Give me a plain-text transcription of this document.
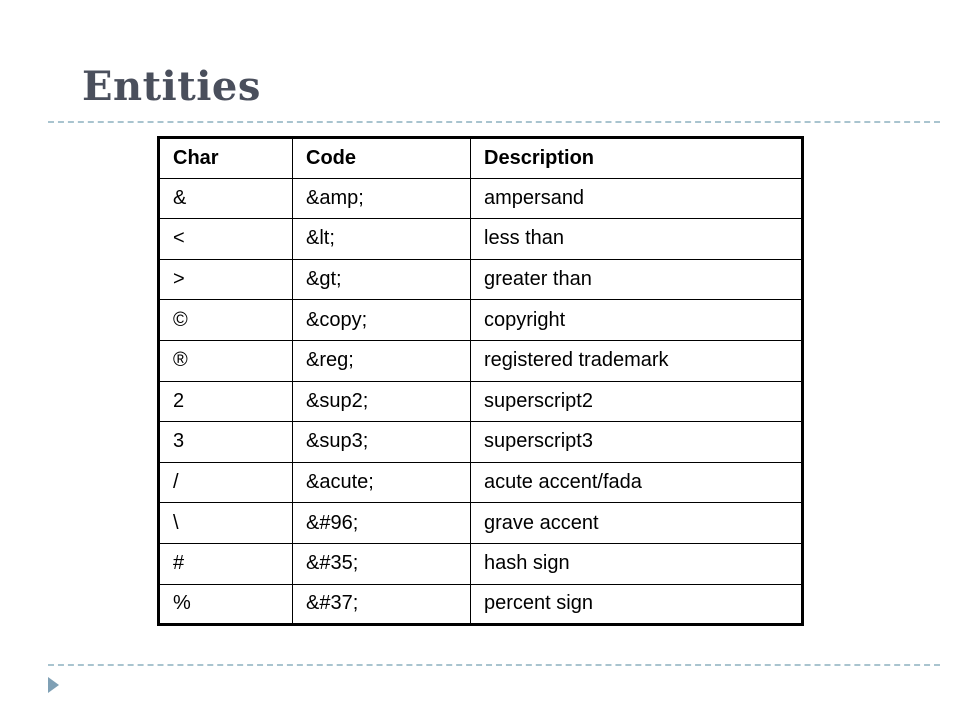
Entities
Char	Code	Description
&	&amp;	ampersand
<	&lt;	less than
>	&gt;	greater than
©	&copy;	copyright
®	&reg;	registered trademark
2	&sup2;	superscript2
3	&sup3;	superscript3
/	&acute;	acute accent/fada
\	&#96;	grave accent
#	&#35;	hash sign
%	&#37;	percent sign
